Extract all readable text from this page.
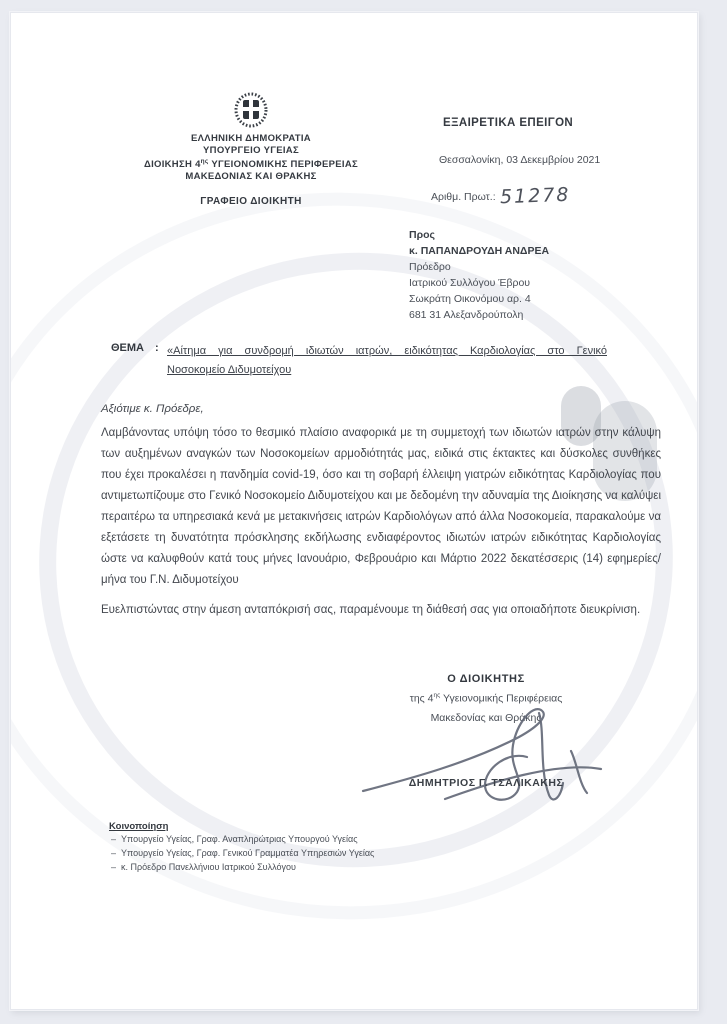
ΕΛΛΗΝΙΚΗ ΔΗΜΟΚΡΑΤΙΑ
ΥΠΟΥΡΓΕΙΟ ΥΓΕΙΑΣ
ΔΙΟΙΚΗΣΗ $4^{\eta\varsigma}$ ΥΓΕΙΟΝΟΜΙΚΗΣ ΠΕΡΙΦΕΡΕΙΑΣ
ΜΑΚΕΔΟΝΙΑΣ ΚΑΙ ΘΡΑΚΗΣ
ΓΡΑΦΕΙΟ ΔΙΟΙΚΗΤΗ
ΕΞΑΙΡΕΤΙΚΑ ΕΠΕΙΓΟΝ
Θεσσαλονίκη, 03 Δεκεμβρίου 2021
Αριθμ. Πρωτ.: 51278
Προς
κ. ΠΑΠΑΝΔΡΟΥΔΗ ΑΝΔΡΕΑ
Πρόεδρο
Ιατρικού Συλλόγου Έβρου
Σωκράτη Οικονόμου αρ. 4
681 31 Αλεξανδρούπολη
ΘΕΜΑ	: «Αίτημα για συνδρομή ιδιωτών ιατρών, ειδικότητας Καρδιολογίας στο Γενικό
Νοσοκομείο Διδυμοτείχου

Αξιότιμε κ. Πρόεδρε,

Λαμβάνοντας υπόψη τόσο το θεσμικό πλαίσιο αναφορικά με τη συμμετοχή των ιδιωτών ιατρών στην κάλυψη των αυξημένων αναγκών των Νοσοκομείων αρμοδιότητάς μας, ειδικά στις έκτακτες και δύσκολες συνθήκες που έχει προκαλέσει η πανδημία covid-19, όσο και τη σοβαρή έλλειψη γιατρών ειδικότητας Καρδιολογίας που αντιμετωπίζουμε στο Γενικό Νοσοκομείο Διδυμοτείχου και με δεδομένη την αδυναμία της Διοίκησης να καλύψει περαιτέρω τα υπηρεσιακά κενά με μετακινήσεις ιατρών Καρδιολόγων από άλλα Νοσοκομεία, παρακαλούμε να εξετάσετε τη δυνατότητα πρόσκλησης εκδήλωσης ενδιαφέροντος ιδιωτών ιατρών ειδικότητας Καρδιολογίας ώστε να καλυφθούν κατά τους μήνες Ιανουάριο, Φεβρουάριο και Μάρτιο 2022 δεκατέσσερις (14) εφημερίες/μήνα του Γ.Ν. Διδυμοτείχου

Ευελπιστώντας στην άμεση ανταπόκρισή σας, παραμένουμε τη διάθεσή σας για οποιαδήποτε διευκρίνιση.

Ο ΔΙΟΙΚΗΤΗΣ
της $4^{\eta\varsigma}$ Υγειονομικής Περιφέρειας
Μακεδονίας και Θράκης
ΔΗΜΗΤΡΙΟΣ Γ. ΤΣΑΛΙΚΑΚΗΣ
Κοινοποίηση
– Υπουργείο Υγείας, Γραφ. Αναπληρώτριας Υπουργού Υγείας
– Υπουργείο Υγείας, Γραφ. Γενικού Γραμματέα Υπηρεσιών Υγείας
– κ. Πρόεδρο Πανελλήνιου Ιατρικού Συλλόγου
